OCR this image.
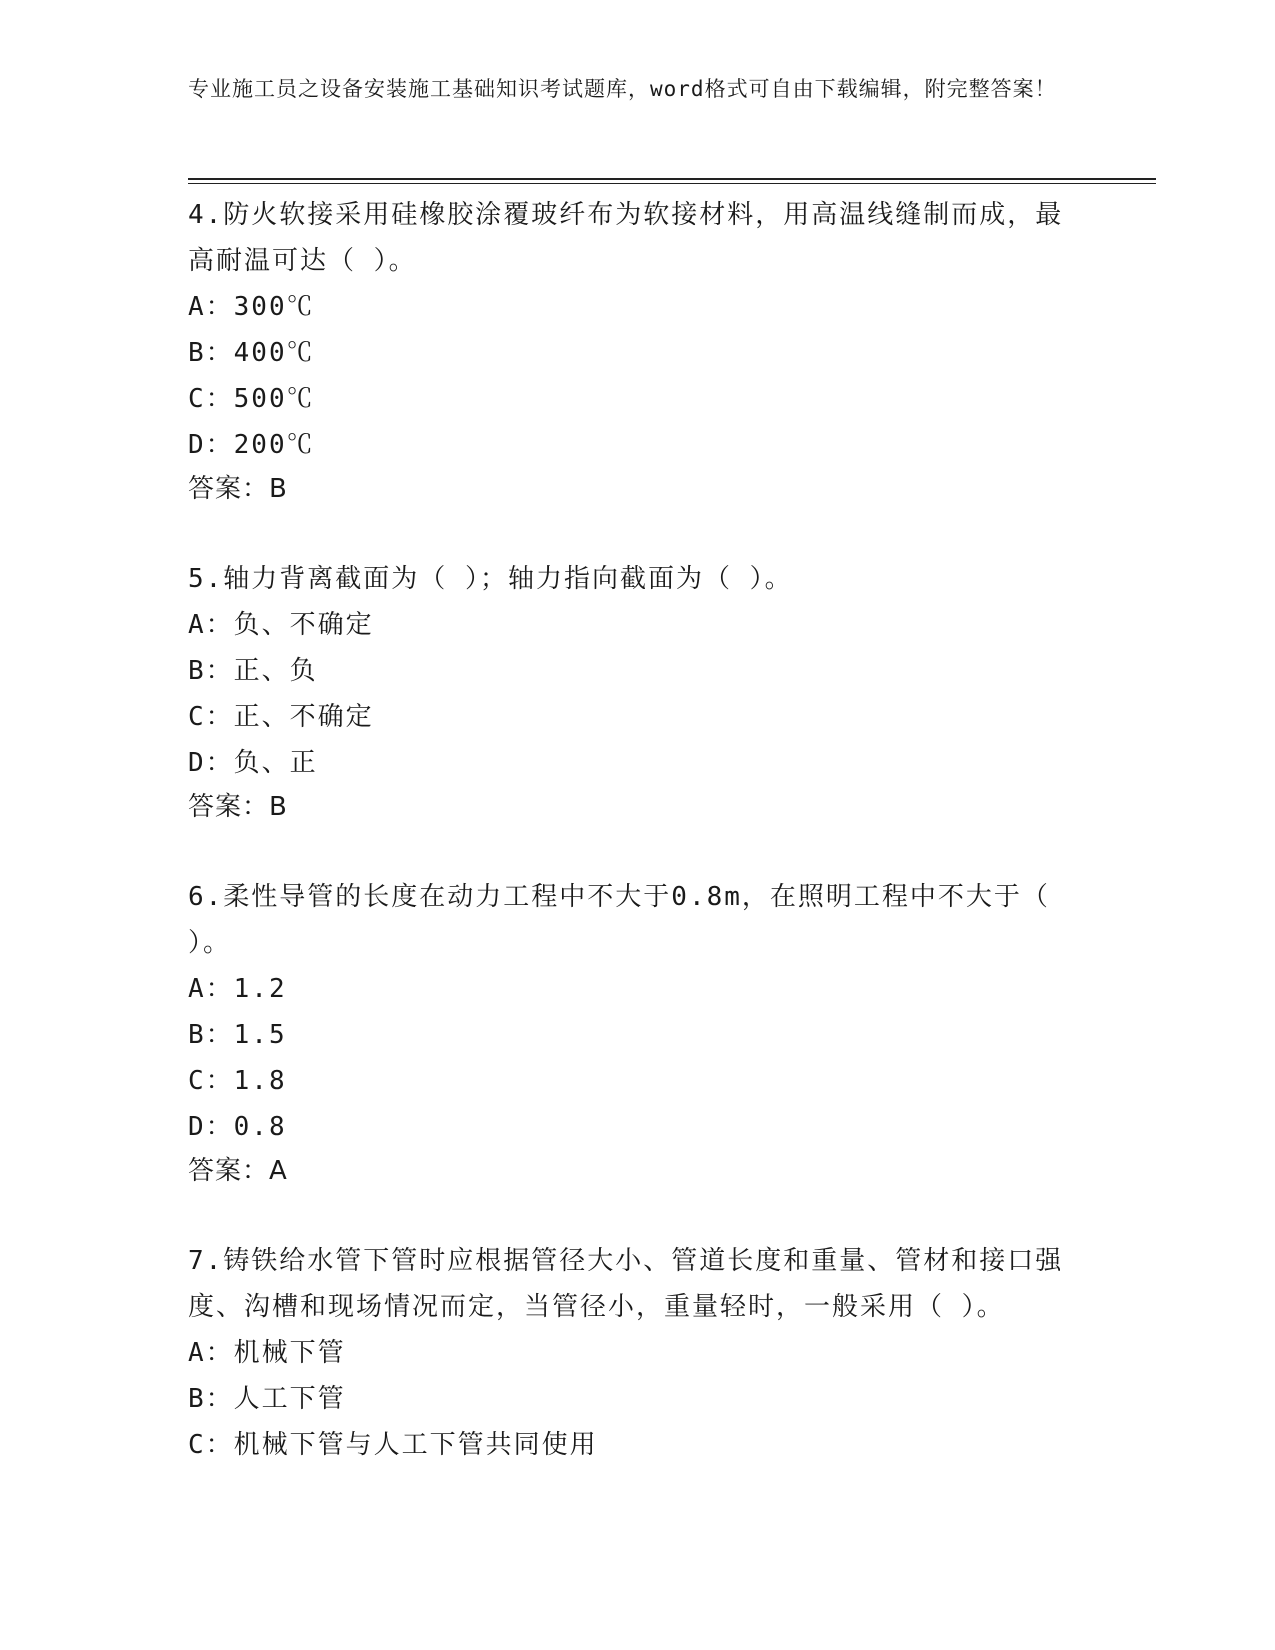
专业施工员之设备安装施工基础知识考试题库，word格式可自由下载编辑，附完整答案！

4.防火软接采用硅橡胶涂覆玻纤布为软接材料，用高温线缝制而成，最高耐温可达（ ）。

A：300℃
B：400℃
C：500℃
D：200℃
答案：B

5.轴力背离截面为（ ）；轴力指向截面为（ ）。

A：负、不确定
B：正、负
C：正、不确定
D：负、正
答案：B

6.柔性导管的长度在动力工程中不大于0.8m，在照明工程中不大于（ ）。

A：1.2
B：1.5
C：1.8
D：0.8
答案：A

7.铸铁给水管下管时应根据管径大小、管道长度和重量、管材和接口强度、沟槽和现场情况而定，当管径小，重量轻时，一般采用（ ）。

A：机械下管
B：人工下管
C：机械下管与人工下管共同使用
